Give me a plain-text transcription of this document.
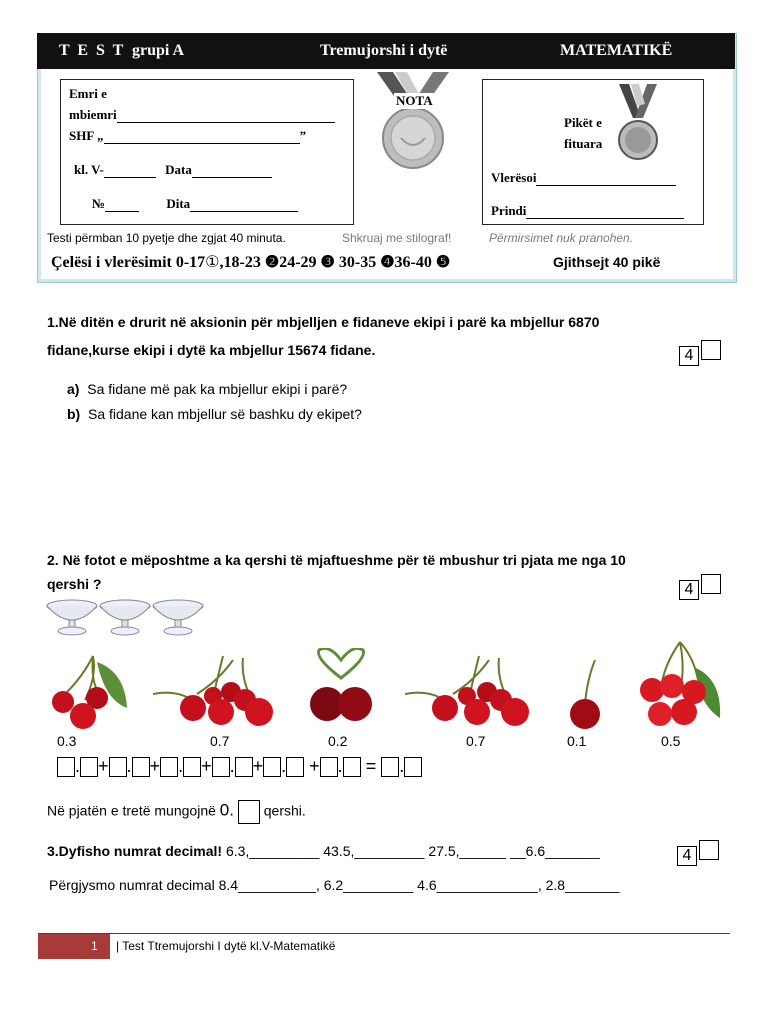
T E S T grupi A	Tremujorshi i dytë	MATEMATIKË
Emri e
mbiemri
SHF „	”
kl. V-	Data
№	Dita
NOTA
Pikët e
fituara
Vlerësoi
Prindi
Testi përmban 10 pyetje dhe zgjat 40 minuta.	Shkruaj me stilograf!	Përmirsimet nuk pranohen.
Çelësi i vlerësimit 0-17①,18-23 ❷24-29 ❸ 30-35 ❹36-40 ❺	Gjithsejt 40 pikë
1.Në ditën e drurit në aksionin për mbjelljen e fidaneve ekipi i parë ka mbjellur 6870
fidane,kurse ekipi i dytë ka mbjellur 15674 fidane.	4
a) Sa fidane më pak ka mbjellur ekipi i parë?
b) Sa fidane kan mbjellur së bashku dy ekipet?
2. Në fotot e mëposhtme a ka qershi të mjaftueshme për të mbushur tri pjata me nga 10
qershi ?	4
0.3	0.7	0.2	0.7	0.1	0.5
. + . + . + . + . + . = .
Në pjatën e tretë mungojnë 0. qershi.
3.Dyfisho numrat decimal! 6.3,_________ 43.5,_________ 27.5,______ __6.6_______	4
Përgjysmo numrat decimal 8.4__________, 6.2_________ 4.6_____________, 2.8_______
1 | Test Ttremujorshi I dytë kl.V-Matematikë
